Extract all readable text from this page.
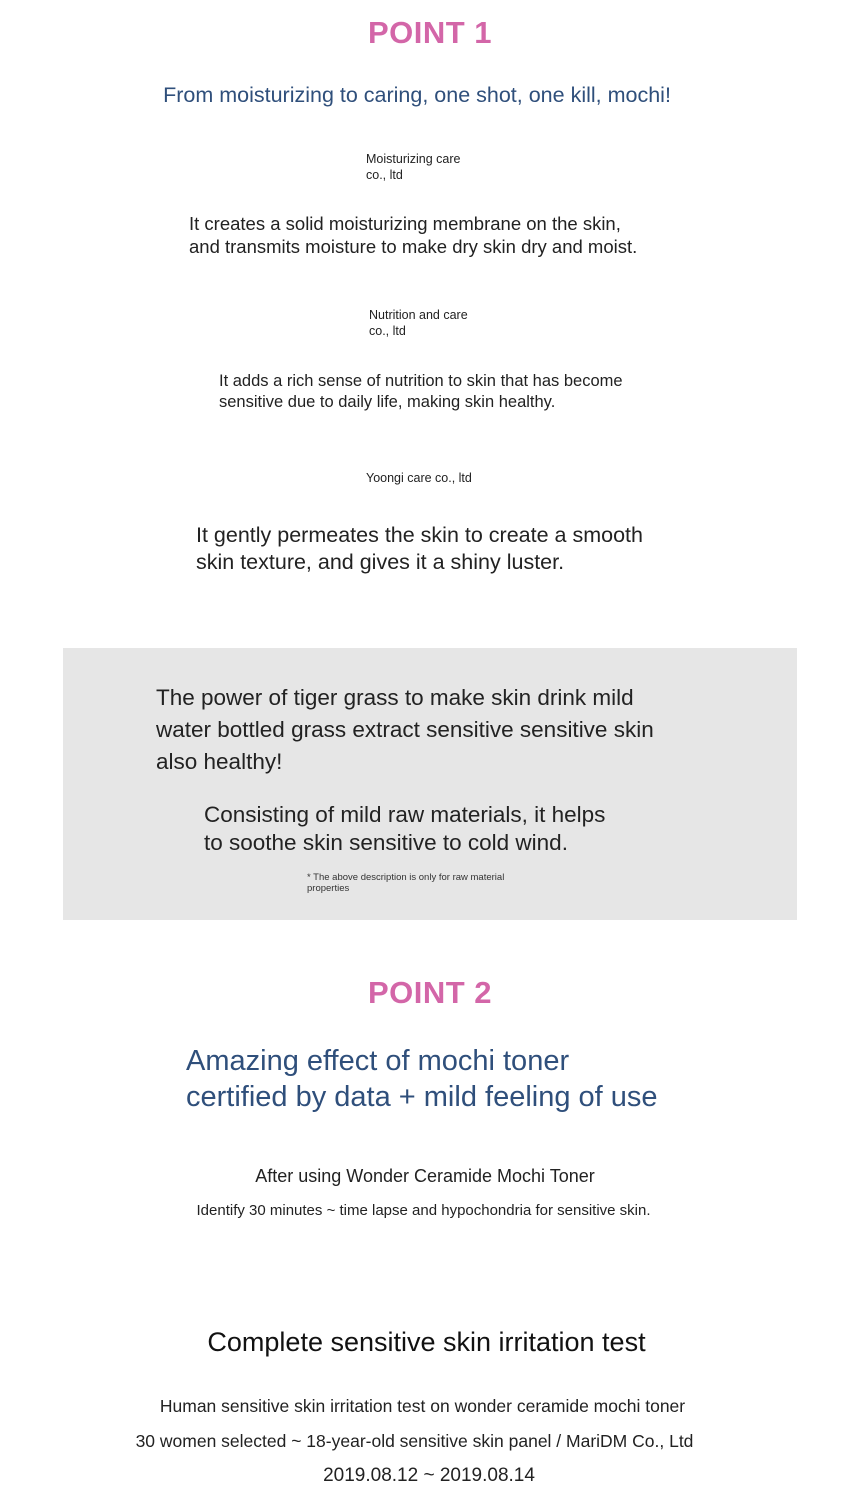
POINT 1
From moisturizing to caring, one shot, one kill, mochi!
Moisturizing care
co., ltd
It creates a solid moisturizing membrane on the skin,
and transmits moisture to make dry skin dry and moist.
Nutrition and care
co., ltd
It adds a rich sense of nutrition to skin that has become
sensitive due to daily life, making skin healthy.
Yoongi care co., ltd
It gently permeates the skin to create a smooth
skin texture, and gives it a shiny luster.
The power of tiger grass to make skin drink mild
water bottled grass extract sensitive sensitive skin
also healthy!
Consisting of mild raw materials, it helps
to soothe skin sensitive to cold wind.
* The above description is only for raw material
properties
POINT 2
Amazing effect of mochi toner
certified by data + mild feeling of use
After using Wonder Ceramide Mochi Toner
Identify 30 minutes ~ time lapse and hypochondria for sensitive skin.
Complete sensitive skin irritation test
Human sensitive skin irritation test on wonder ceramide mochi toner
30 women selected ~ 18-year-old sensitive skin panel / MariDM Co., Ltd
2019.08.12 ~ 2019.08.14
